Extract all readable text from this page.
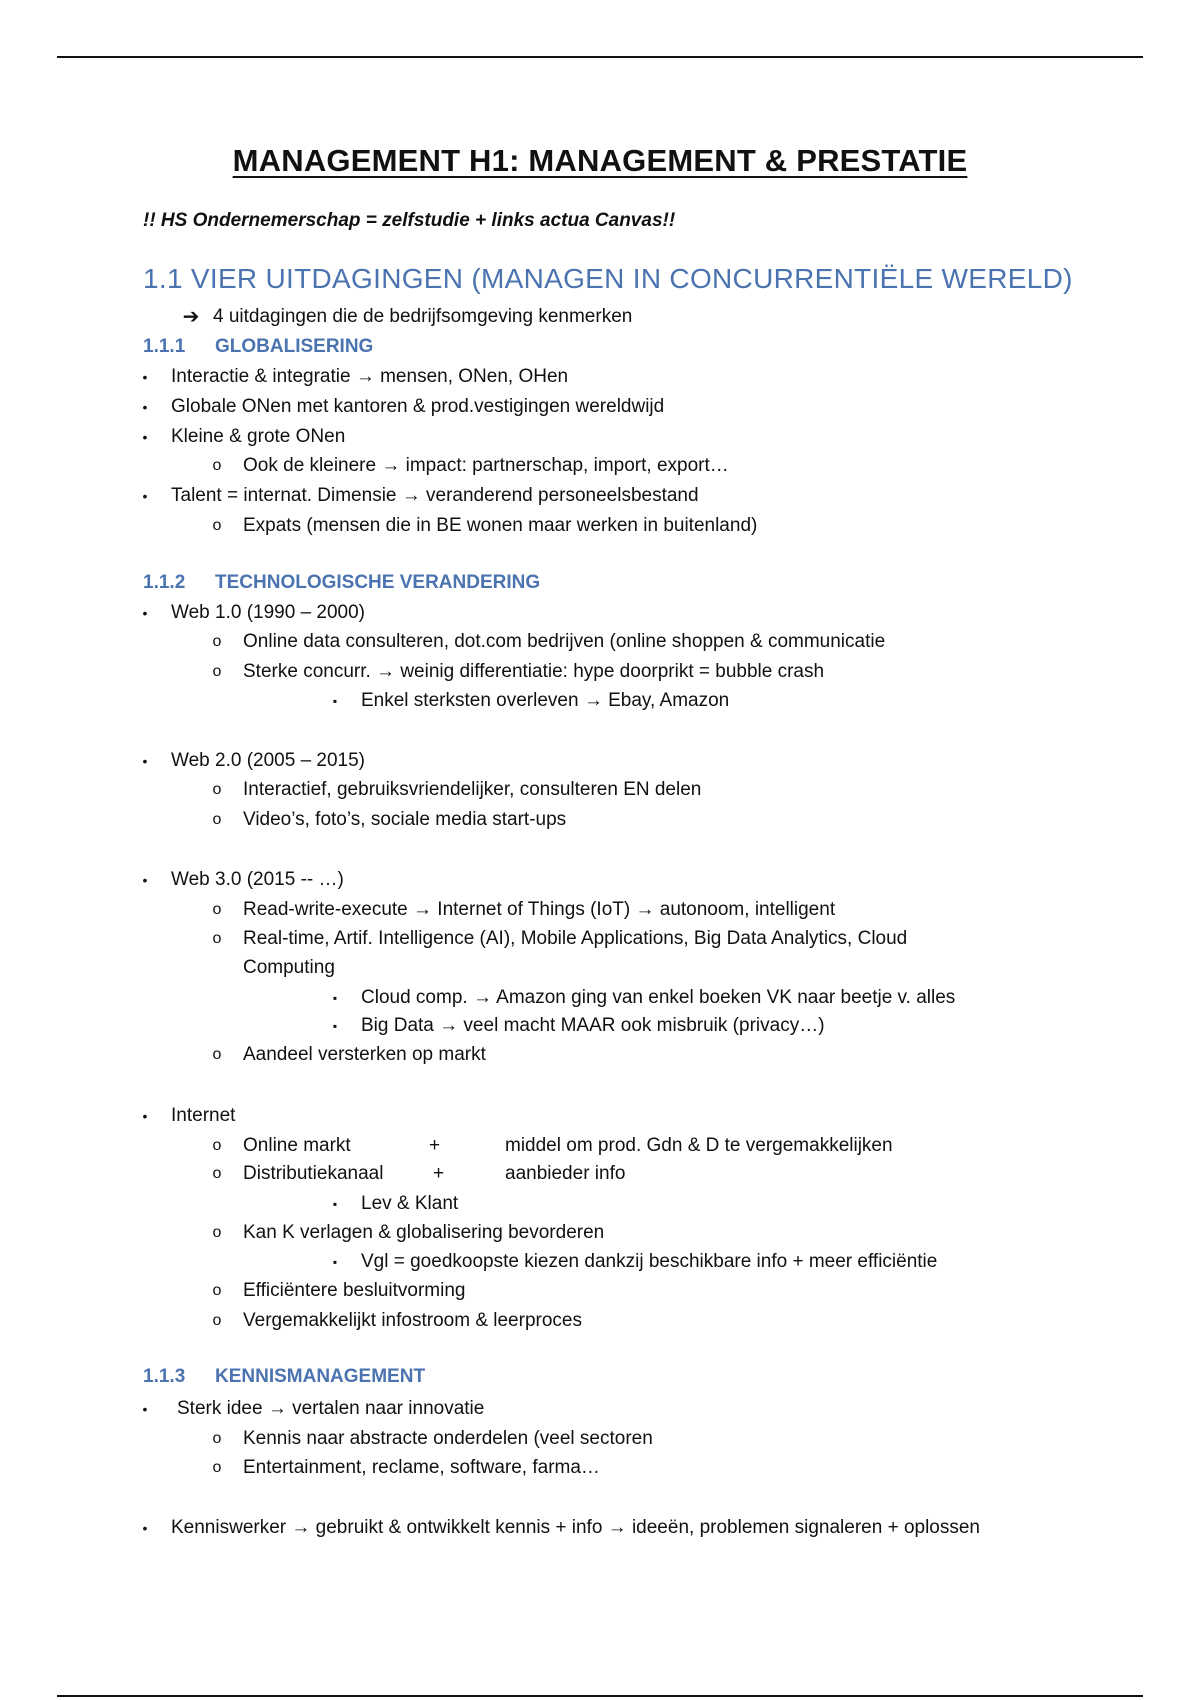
MANAGEMENT H1: MANAGEMENT & PRESTATIE
!! HS Ondernemerschap = zelfstudie + links actua Canvas!!
1.1 VIER UITDAGINGEN (MANAGEN IN CONCURRENTIËLE WERELD)
➔ 4 uitdagingen die de bedrijfsomgeving kenmerken
1.1.1 GLOBALISERING
•	Interactie & integratie → mensen, ONen, OHen
•	Globale ONen met kantoren & prod.vestigingen wereldwijd
•	Kleine & grote ONen
o Ook de kleinere → impact: partnerschap, import, export…
•	Talent = internat. Dimensie → veranderend personeelsbestand
o Expats (mensen die in BE wonen maar werken in buitenland)
1.1.2 TECHNOLOGISCHE VERANDERING
•	Web 1.0 (1990 – 2000)
o Online data consulteren, dot.com bedrijven (online shoppen & communicatie
o Sterke concurr. → weinig differentiatie: hype doorprikt = bubble crash
▪	Enkel sterksten overleven → Ebay, Amazon
•	Web 2.0 (2005 – 2015)
o Interactief, gebruiksvriendelijker, consulteren EN delen
o Video’s, foto’s, sociale media start-ups
•	Web 3.0 (2015 -- …)
o Read-write-execute → Internet of Things (IoT) → autonoom, intelligent
o Real-time, Artif. Intelligence (AI), Mobile Applications, Big Data Analytics, Cloud
Computing
▪	Cloud comp. → Amazon ging van enkel boeken VK naar beetje v. alles
▪	Big Data → veel macht MAAR ook misbruik (privacy…)
o Aandeel versterken op markt
•	Internet
o Online markt	+	middel om prod. Gdn & D te vergemakkelijken
o Distributiekanaal	+	aanbieder info
▪	Lev & Klant
o Kan K verlagen & globalisering bevorderen
▪	Vgl = goedkoopste kiezen dankzij beschikbare info + meer efficiëntie
o Efficiëntere besluitvorming
o Vergemakkelijkt infostroom & leerproces
1.1.3 KENNISMANAGEMENT
•	Sterk idee → vertalen naar innovatie
o Kennis naar abstracte onderdelen (veel sectoren
o Entertainment, reclame, software, farma…
•	Kenniswerker → gebruikt & ontwikkelt kennis + info → ideeën, problemen signaleren + oplossen
